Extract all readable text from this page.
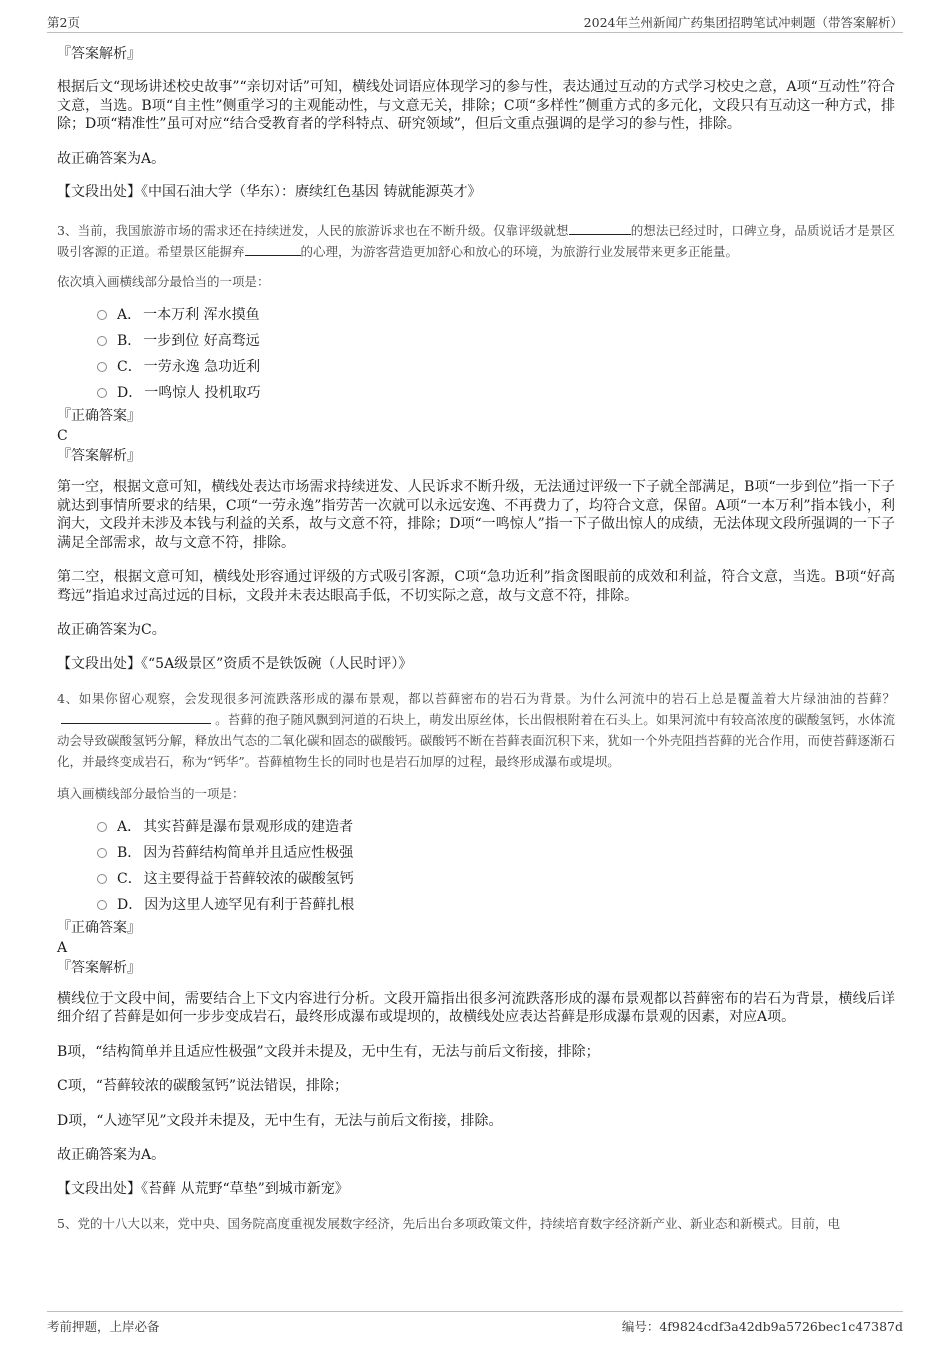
第2页	2024年兰州新闻广药集团招聘笔试冲刺题（带答案解析）

『答案解析』

根据后文“现场讲述校史故事”“亲切对话”可知，横线处词语应体现学习的参与性，表达通过互动的方式学习校史之意，A项“互动性”符合文意，当选。B项“自主性”侧重学习的主观能动性，与文意无关，排除；C项“多样性”侧重方式的多元化，文段只有互动这一种方式，排除；D项“精准性”虽可对应“结合受教育者的学科特点、研究领域”，但后文重点强调的是学习的参与性，排除。

故正确答案为A。

【文段出处】《中国石油大学（华东）：赓续红色基因 铸就能源英才》

3、当前，我国旅游市场的需求还在持续迸发，人民的旅游诉求也在不断升级。仅靠评级就想	的想法已经过时，口碑立身，品质说话才是景区吸引客源的正道。希望景区能摒弃	的心理，为游客营造更加舒心和放心的环境，为旅游行业发展带来更多正能量。

依次填入画横线部分最恰当的一项是：

A． 一本万利 浑水摸鱼
B． 一步到位 好高骛远
C． 一劳永逸 急功近利
D． 一鸣惊人 投机取巧

『正确答案』

C

『答案解析』

第一空，根据文意可知，横线处表达市场需求持续迸发、人民诉求不断升级，无法通过评级一下子就全部满足，B项“一步到位”指一下子就达到事情所要求的结果，C项“一劳永逸”指劳苦一次就可以永远安逸、不再费力了，均符合文意，保留。A项“一本万利”指本钱小，利润大，文段并未涉及本钱与利益的关系，故与文意不符，排除；D项“一鸣惊人”指一下子做出惊人的成绩，无法体现文段所强调的一下子满足全部需求，故与文意不符，排除。

第二空，根据文意可知，横线处形容通过评级的方式吸引客源，C项“急功近利”指贪图眼前的成效和利益，符合文意，当选。B项“好高骛远”指追求过高过远的目标，文段并未表达眼高手低，不切实际之意，故与文意不符，排除。

故正确答案为C。

【文段出处】《“5A级景区”资质不是铁饭碗（人民时评）》

4、如果你留心观察，会发现很多河流跌落形成的瀑布景观，都以苔藓密布的岩石为背景。为什么河流中的岩石上总是覆盖着大片绿油油的苔藓？。苔藓的孢子随风飘到河道的石块上，萌发出原丝体，长出假根附着在石头上。如果河流中有较高浓度的碳酸氢钙，水体流动会导致碳酸氢钙分解，释放出气态的二氧化碳和固态的碳酸钙。碳酸钙不断在苔藓表面沉积下来，犹如一个外壳阻挡苔藓的光合作用，而使苔藓逐渐石化，并最终变成岩石，称为“钙华”。苔藓植物生长的同时也是岩石加厚的过程，最终形成瀑布或堤坝。

填入画横线部分最恰当的一项是：

A． 其实苔藓是瀑布景观形成的建造者
B． 因为苔藓结构简单并且适应性极强
C． 这主要得益于苔藓较浓的碳酸氢钙
D． 因为这里人迹罕见有利于苔藓扎根

『正确答案』

A

『答案解析』

横线位于文段中间，需要结合上下文内容进行分析。文段开篇指出很多河流跌落形成的瀑布景观都以苔藓密布的岩石为背景，横线后详细介绍了苔藓是如何一步步变成岩石，最终形成瀑布或堤坝的，故横线处应表达苔藓是形成瀑布景观的因素，对应A项。

B项，“结构简单并且适应性极强”文段并未提及，无中生有，无法与前后文衔接，排除；

C项，“苔藓较浓的碳酸氢钙”说法错误，排除；

D项，“人迹罕见”文段并未提及，无中生有，无法与前后文衔接，排除。

故正确答案为A。

【文段出处】《苔藓 从荒野“草垫”到城市新宠》

5、党的十八大以来，党中央、国务院高度重视发展数字经济，先后出台多项政策文件，持续培育数字经济新产业、新业态和新模式。目前，电

考前押题，上岸必备	编号：4f9824cdf3a42db9a5726bec1c47387d
